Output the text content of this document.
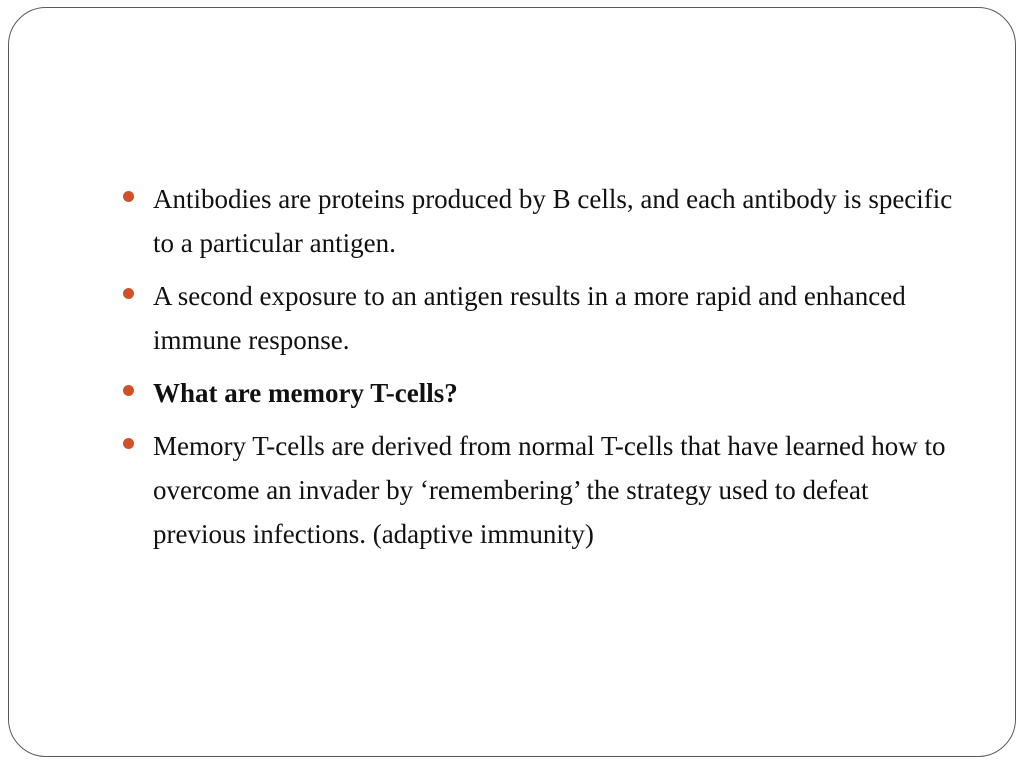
Antibodies are proteins produced by B cells, and each antibody is specific to a particular antigen.
A second exposure to an antigen results in a more rapid and enhanced immune response.
What are memory T-cells?
Memory T-cells are derived from normal T-cells that have learned how to overcome an invader by ‘remembering’ the strategy used to defeat previous infections. (adaptive immunity)
